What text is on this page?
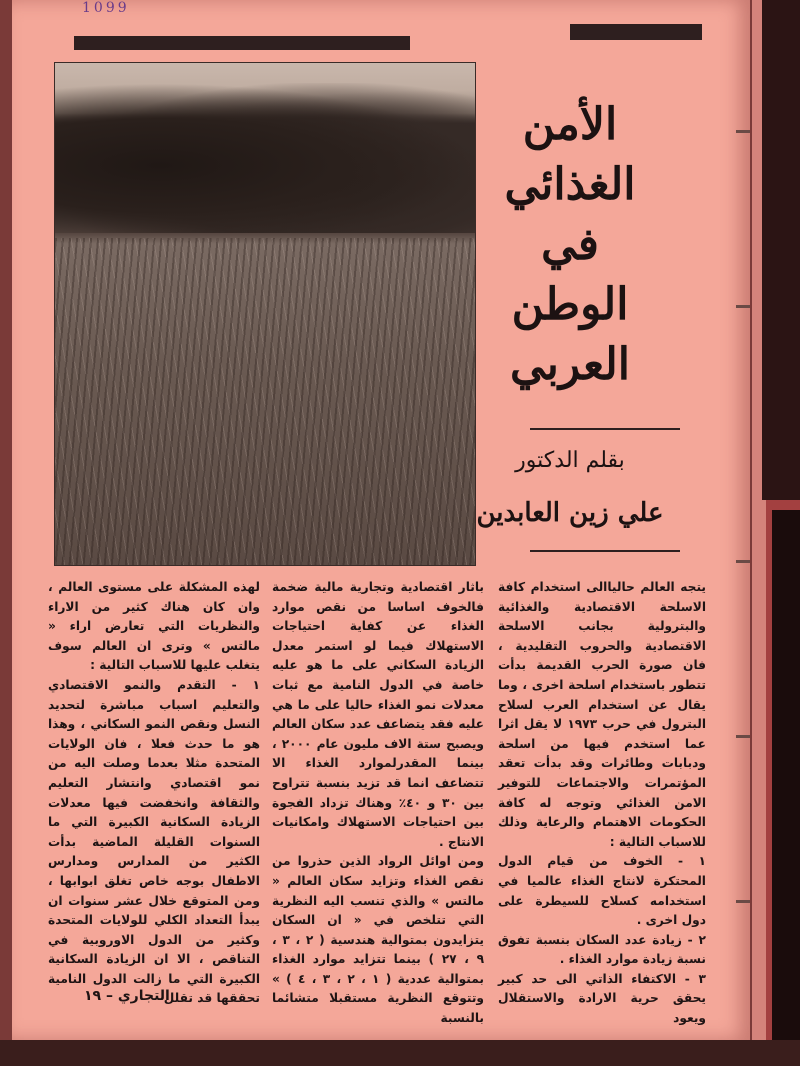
1099
الأمن
الغذائي
في
الوطن
العربي
بقلم الدكتور
علي زين العابدين
يتجه العالم حالياالى استخدام كافة الاسلحة الاقتصادية والغذائية والبترولية بجانب الاسلحة الاقتصادية والحروب التقليدية ، فان صورة الحرب القديمة بدأت تتطور باستخدام اسلحة اخرى ، وما يقال عن استخدام العرب لسلاح البترول في حرب ١٩٧٣ لا يقل اثرا عما استخدم فيها من اسلحة ودبابات وطائرات وقد بدأت تعقد المؤتمرات والاجتماعات للتوفير الامن الغذائي وتوجه له كافة الحكومات الاهتمام والرعاية وذلك للاسباب التالية :
١ - الخوف من قيام الدول المحتكرة لانتاج الغذاء عالميا في استخدامه كسلاح للسيطرة على دول اخرى .
٢ - زيادة عدد السكان بنسبة تفوق نسبة زيادة موارد الغذاء .
٣ - الاكتفاء الذاتي الى حد كبير يحقق حرية الارادة والاستقلال ويعود
باثار اقتصادية وتجارية مالية ضخمة فالخوف اساسا من نقص موارد الغذاء عن كفاية احتياجات الاستهلاك فيما لو استمر معدل الزيادة السكاني على ما هو عليه خاصة في الدول النامية مع ثبات معدلات نمو الغذاء حاليا على ما هي عليه فقد يتضاعف عدد سكان العالم ويصبح ستة الاف مليون عام ٢٠٠٠ ، بينما المقدرلموارد الغذاء الا تتضاعف انما قد تزيد بنسبة تتراوح بين ٣٠ و ٤٠٪ وهناك تزداد الفجوة بين احتياجات الاستهلاك وامكانيات الانتاج .
ومن اوائل الرواد الذين حذروا من نقص الغذاء وتزايد سكان العالم « مالتس » والذي تنسب اليه النظرية التي تتلخص في « ان السكان يتزايدون بمتوالية هندسية ( ٢ ، ٣ ، ٩ ، ٢٧ ) بينما تتزايد موارد الغذاء بمتوالية عددية ( ١ ، ٢ ، ٣ ، ٤ ) » وتتوقع النظرية مستقبلا متشائما بالنسبة
لهذه المشكلة على مستوى العالم ، وان كان هناك كثير من الاراء والنظريات التي تعارض اراء « مالتس » وترى ان العالم سوف يتغلب عليها للاسباب التالية :
١ - التقدم والنمو الاقتصادي والتعليم اسباب مباشرة لتحديد النسل ونقص النمو السكاني ، وهذا هو ما حدث فعلا ، فان الولايات المتحدة مثلا بعدما وصلت اليه من نمو اقتصادي وانتشار التعليم والثقافة وانخفضت فيها معدلات الزيادة السكانية الكبيرة التي ما السنوات القليلة الماضية بدأت الكثير من المدارس ومدارس الاطفال بوجه خاص تغلق ابوابها ، ومن المتوقع خلال عشر سنوات ان يبدأ التعداد الكلي للولايات المتحدة وكثير من الدول الاوروبية في التناقص ، الا ان الزيادة السكانية الكبيرة التي ما زالت الدول النامية تحققها قد تقلل
التجاري – ١٩
